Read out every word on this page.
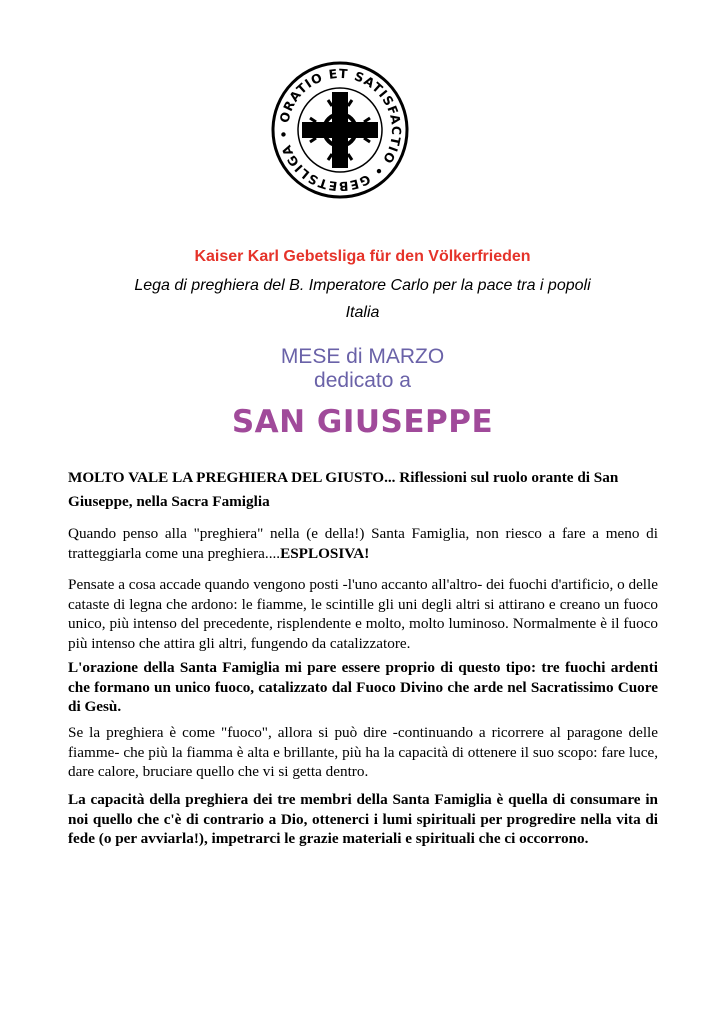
ORATIO ET SATISFACTIO • GEBETSLIGA •
Kaiser Karl Gebetsliga für den Völkerfrieden
Lega di preghiera del B. Imperatore Carlo per la pace tra i popoli
Italia
MESE di MARZO
dedicato a
SAN GIUSEPPE
MOLTO VALE LA PREGHIERA DEL GIUSTO... Riflessioni sul ruolo orante di San Giuseppe, nella Sacra Famiglia
Quando penso alla "preghiera" nella (e della!) Santa Famiglia, non riesco a fare a meno di tratteggiarla come una preghiera....ESPLOSIVA!
Pensate a cosa accade quando vengono posti -l'uno accanto all'altro- dei fuochi d'artificio, o delle cataste di legna che ardono: le fiamme, le scintille gli uni degli altri si attirano e creano un fuoco unico, più intenso del precedente, risplendente e molto, molto luminoso. Normalmente è il fuoco più intenso che attira gli altri, fungendo da catalizzatore.
L'orazione della Santa Famiglia mi pare essere proprio di questo tipo: tre fuochi ardenti che formano un unico fuoco, catalizzato dal Fuoco Divino che arde nel Sacratissimo Cuore di Gesù.
Se la preghiera è come "fuoco", allora si può dire -continuando a ricorrere al paragone delle fiamme- che più la fiamma è alta e brillante, più ha la capacità di ottenere il suo scopo: fare luce, dare calore, bruciare quello che vi si getta dentro.
La capacità della preghiera dei tre membri della Santa Famiglia è quella di consumare in noi quello che c'è di contrario a Dio, ottenerci i lumi spirituali per progredire nella vita di fede (o per avviarla!), impetrarci le grazie materiali e spirituali che ci occorrono.
